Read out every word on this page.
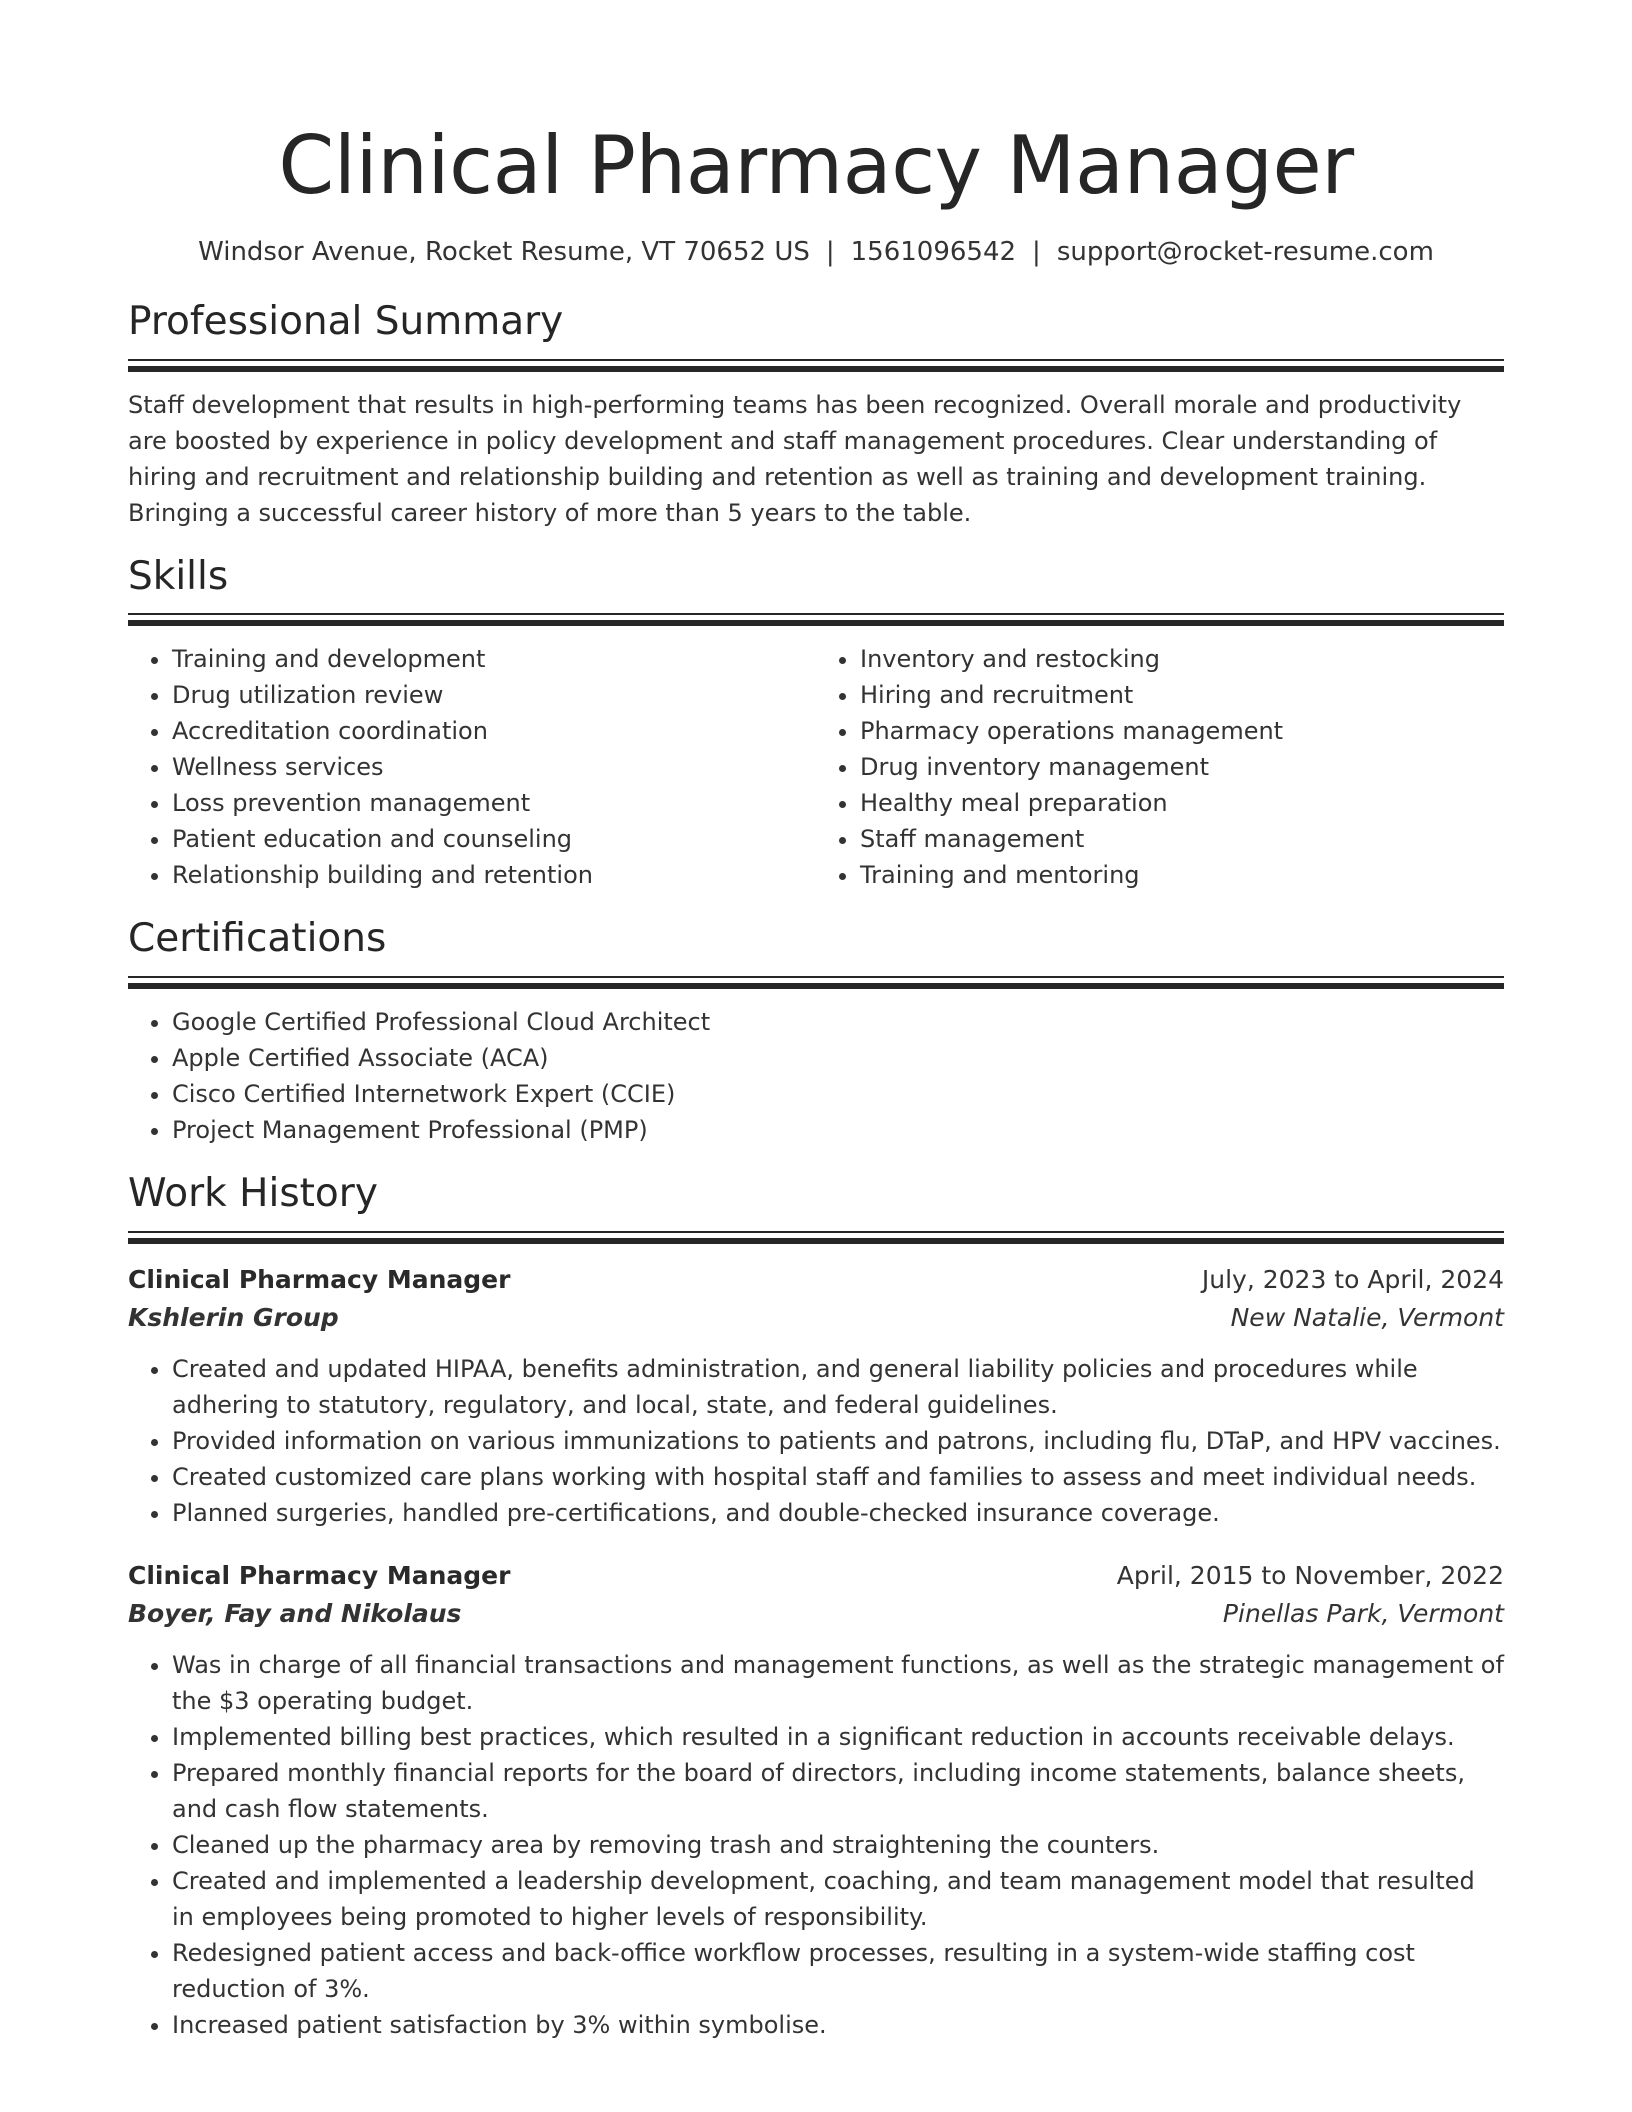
Clinical Pharmacy Manager
Windsor Avenue, Rocket Resume, VT 70652 US | 1561096542 | support@rocket-resume.com
Professional Summary

Staff development that results in high-performing teams has been recognized. Overall morale and productivity are boosted by experience in policy development and staff management procedures. Clear understanding of hiring and recruitment and relationship building and retention as well as training and development training. Bringing a successful career history of more than 5 years to the table.

Skills
• Training and development
• Drug utilization review
• Accreditation coordination
• Wellness services
• Loss prevention management
• Patient education and counseling
• Relationship building and retention
• Inventory and restocking
• Hiring and recruitment
• Pharmacy operations management
• Drug inventory management
• Healthy meal preparation
• Staff management
• Training and mentoring
Certifications
• Google Certified Professional Cloud Architect
• Apple Certified Associate (ACA)
• Cisco Certified Internetwork Expert (CCIE)
• Project Management Professional (PMP)
Work History
Clinical Pharmacy Manager	July, 2023 to April, 2024
Kshlerin Group	New Natalie, Vermont
• Created and updated HIPAA, benefits administration, and general liability policies and procedures while adhering to statutory, regulatory, and local, state, and federal guidelines.
• Provided information on various immunizations to patients and patrons, including flu, DTaP, and HPV vaccines.
• Created customized care plans working with hospital staff and families to assess and meet individual needs.
• Planned surgeries, handled pre-certifications, and double-checked insurance coverage.
Clinical Pharmacy Manager	April, 2015 to November, 2022
Boyer, Fay and Nikolaus	Pinellas Park, Vermont
• Was in charge of all financial transactions and management functions, as well as the strategic management of the $3 operating budget.
• Implemented billing best practices, which resulted in a significant reduction in accounts receivable delays.
• Prepared monthly financial reports for the board of directors, including income statements, balance sheets, and cash flow statements.
• Cleaned up the pharmacy area by removing trash and straightening the counters.
• Created and implemented a leadership development, coaching, and team management model that resulted in employees being promoted to higher levels of responsibility.
• Redesigned patient access and back-office workflow processes, resulting in a system-wide staffing cost reduction of 3%.
• Increased patient satisfaction by 3% within symbolise.
